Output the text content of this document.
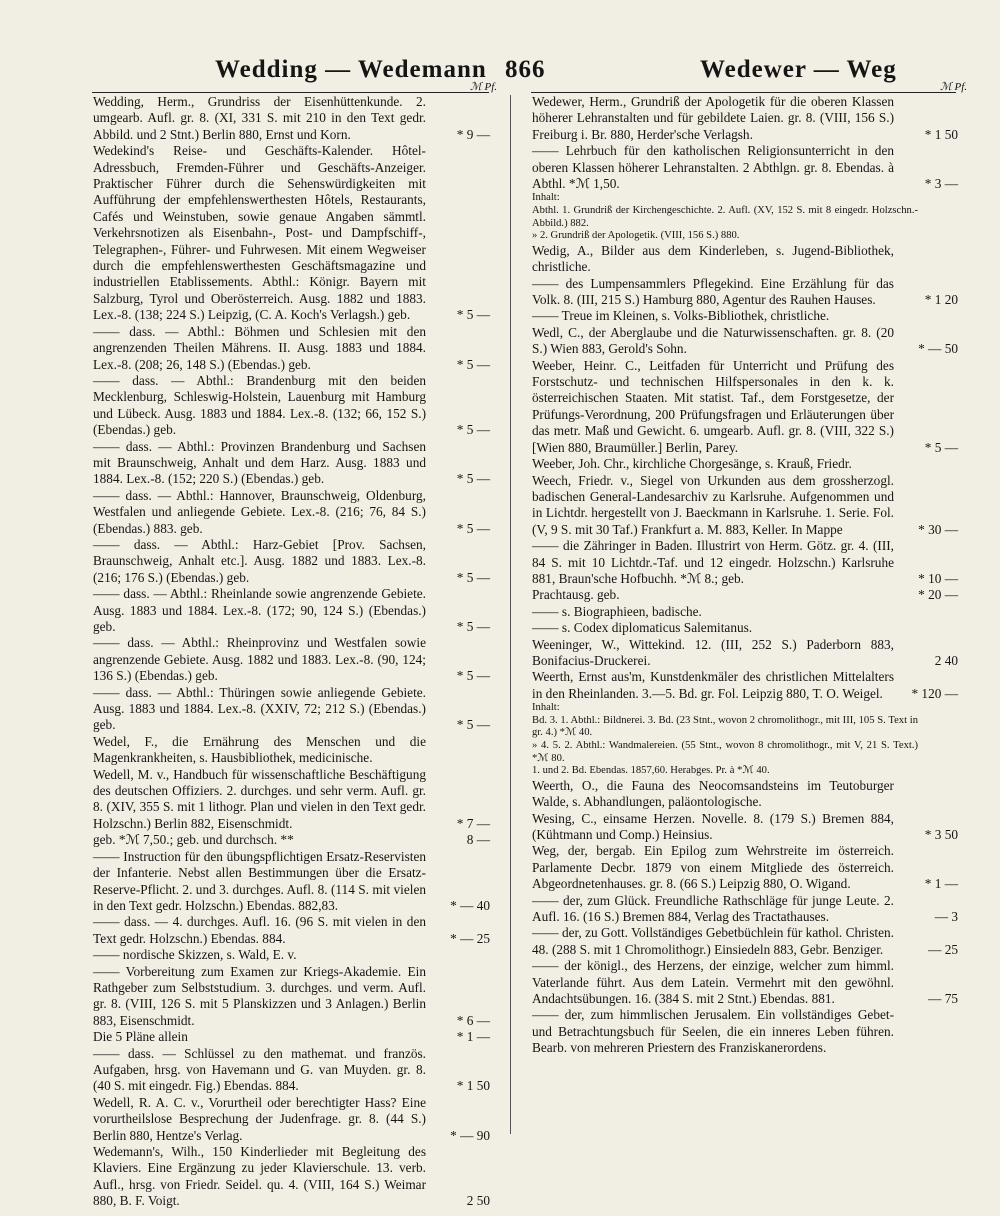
Wedding — Wedemann 866	Wedewer — Weg
ℳ Pf.	ℳ Pf.
Wedding, Herm., Grundriss der Eisenhüttenkunde. 2. umgearb. Aufl. gr. 8. (XI, 331 S. mit 210 in den Text gedr. Abbild. und 2 Stnt.) Berlin 880, Ernst und Korn.	* 9 —
Wedekind's Reise- und Geschäfts-Kalender. Hôtel-Adressbuch, Fremden-Führer und Geschäfts-Anzeiger. Praktischer Führer durch die Sehenswürdigkeiten mit Aufführung der empfehlenswerthesten Hôtels, Restaurants, Cafés und Weinstuben, sowie genaue Angaben sämmtl. Verkehrsnotizen als Eisenbahn-, Post- und Dampfschiff-, Telegraphen-, Führer- und Fuhrwesen. Mit einem Wegweiser durch die empfehlenswerthesten Geschäftsmagazine und industriellen Etablissements. Abthl.: Königr. Bayern mit Salzburg, Tyrol und Oberösterreich. Ausg. 1882 und 1883. Lex.-8. (138; 224 S.) Leipzig, (C. A. Koch's Verlagsh.) geb.	* 5 —
—— dass. — Abthl.: Böhmen und Schlesien mit den angrenzenden Theilen Mährens. II. Ausg. 1883 und 1884. Lex.-8. (208; 26, 148 S.) (Ebendas.) geb.	* 5 —
—— dass. — Abthl.: Brandenburg mit den beiden Mecklenburg, Schleswig-Holstein, Lauenburg mit Hamburg und Lübeck. Ausg. 1883 und 1884. Lex.-8. (132; 66, 152 S.) (Ebendas.) geb.	* 5 —
—— dass. — Abthl.: Provinzen Brandenburg und Sachsen mit Braunschweig, Anhalt und dem Harz. Ausg. 1883 und 1884. Lex.-8. (152; 220 S.) (Ebendas.) geb.	* 5 —
—— dass. — Abthl.: Hannover, Braunschweig, Oldenburg, Westfalen und anliegende Gebiete. Lex.-8. (216; 76, 84 S.) (Ebendas.) 883. geb.	* 5 —
—— dass. — Abthl.: Harz-Gebiet [Prov. Sachsen, Braunschweig, Anhalt etc.]. Ausg. 1882 und 1883. Lex.-8. (216; 176 S.) (Ebendas.) geb.	* 5 —
—— dass. — Abthl.: Rheinlande sowie angrenzende Gebiete. Ausg. 1883 und 1884. Lex.-8. (172; 90, 124 S.) (Ebendas.) geb.	* 5 —
—— dass. — Abthl.: Rheinprovinz und Westfalen sowie angrenzende Gebiete. Ausg. 1882 und 1883. Lex.-8. (90, 124; 136 S.) (Ebendas.) geb.	* 5 —
—— dass. — Abthl.: Thüringen sowie anliegende Gebiete. Ausg. 1883 und 1884. Lex.-8. (XXIV, 72; 212 S.) (Ebendas.) geb.	* 5 —
Wedel, F., die Ernährung des Menschen und die Magenkrankheiten, s. Hausbibliothek, medicinische.
Wedell, M. v., Handbuch für wissenschaftliche Beschäftigung des deutschen Offiziers. 2. durchges. und sehr verm. Aufl. gr. 8. (XIV, 355 S. mit 1 lithogr. Plan und vielen in den Text gedr. Holzschn.) Berlin 882, Eisenschmidt.	* 7 —
geb. *ℳ 7,50.; geb. und durchsch. **	8 —
—— Instruction für den übungspflichtigen Ersatz-Reservisten der Infanterie. Nebst allen Bestimmungen über die Ersatz-Reserve-Pflicht. 2. und 3. durchges. Aufl. 8. (114 S. mit vielen in den Text gedr. Holzschn.) Ebendas. 882,83.	* — 40
—— dass. — 4. durchges. Aufl. 16. (96 S. mit vielen in den Text gedr. Holzschn.) Ebendas. 884.	* — 25
—— nordische Skizzen, s. Wald, E. v.
—— Vorbereitung zum Examen zur Kriegs-Akademie. Ein Rathgeber zum Selbststudium. 3. durchges. und verm. Aufl. gr. 8. (VIII, 126 S. mit 5 Planskizzen und 3 Anlagen.) Berlin 883, Eisenschmidt.	* 6 —
Die 5 Pläne allein	* 1 —
—— dass. — Schlüssel zu den mathemat. und französ. Aufgaben, hrsg. von Havemann und G. van Muyden. gr. 8. (40 S. mit eingedr. Fig.) Ebendas. 884.	* 1 50
Wedell, R. A. C. v., Vorurtheil oder berechtigter Hass? Eine vorurtheilslose Besprechung der Judenfrage. gr. 8. (44 S.) Berlin 880, Hentze's Verlag.	* — 90
Wedemann's, Wilh., 150 Kinderlieder mit Begleitung des Klaviers. Eine Ergänzung zu jeder Klavierschule. 13. verb. Aufl., hrsg. von Friedr. Seidel. qu. 4. (VIII, 164 S.) Weimar 880, B. F. Voigt.	2 50
Wedewer, Herm., Grundriß der Apologetik für die oberen Klassen höherer Lehranstalten und für gebildete Laien. gr. 8. (VIII, 156 S.) Freiburg i. Br. 880, Herder'sche Verlagsh.	* 1 50
—— Lehrbuch für den katholischen Religionsunterricht in den oberen Klassen höherer Lehranstalten. 2 Abthlgn. gr. 8. Ebendas. à Abthl. *ℳ 1,50.	* 3 —
Inhalt:
Abthl. 1. Grundriß der Kirchengeschichte. 2. Aufl. (XV, 152 S. mit 8 eingedr. Holzschn.-Abbild.) 882.
» 2. Grundriß der Apologetik. (VIII, 156 S.) 880.
Wedig, A., Bilder aus dem Kinderleben, s. Jugend-Bibliothek, christliche.
—— des Lumpensammlers Pflegekind. Eine Erzählung für das Volk. 8. (III, 215 S.) Hamburg 880, Agentur des Rauhen Hauses.	* 1 20
—— Treue im Kleinen, s. Volks-Bibliothek, christliche.
Wedl, C., der Aberglaube und die Naturwissenschaften. gr. 8. (20 S.) Wien 883, Gerold's Sohn.	* — 50
Weeber, Heinr. C., Leitfaden für Unterricht und Prüfung des Forstschutz- und technischen Hilfspersonales in den k. k. österreichischen Staaten. Mit statist. Taf., dem Forstgesetze, der Prüfungs-Verordnung, 200 Prüfungsfragen und Erläuterungen über das metr. Maß und Gewicht. 6. umgearb. Aufl. gr. 8. (VIII, 322 S.) [Wien 880, Braumüller.] Berlin, Parey.	* 5 —
Weeber, Joh. Chr., kirchliche Chorgesänge, s. Krauß, Friedr.
Weech, Friedr. v., Siegel von Urkunden aus dem grossherzogl. badischen General-Landesarchiv zu Karlsruhe. Aufgenommen und in Lichtdr. hergestellt von J. Baeckmann in Karlsruhe. 1. Serie. Fol. (V, 9 S. mit 30 Taf.) Frankfurt a. M. 883, Keller. In Mappe	* 30 —
—— die Zähringer in Baden. Illustrirt von Herm. Götz. gr. 4. (III, 84 S. mit 10 Lichtdr.-Taf. und 12 eingedr. Holzschn.) Karlsruhe 881, Braun'sche Hofbuchh. *ℳ 8.; geb.	* 10 —
Prachtausg. geb.	* 20 —
—— s. Biographieen, badische.
—— s. Codex diplomaticus Salemitanus.
Weeninger, W., Wittekind. 12. (III, 252 S.) Paderborn 883, Bonifacius-Druckerei.	2 40
Weerth, Ernst aus'm, Kunstdenkmäler des christlichen Mittelalters in den Rheinlanden. 3.—5. Bd. gr. Fol. Leipzig 880, T. O. Weigel.	* 120 —
Inhalt:
Bd. 3. 1. Abthl.: Bildnerei. 3. Bd. (23 Stnt., wovon 2 chromolithogr., mit III, 105 S. Text in gr. 4.) *ℳ 40.
» 4. 5. 2. Abthl.: Wandmalereien. (55 Stnt., wovon 8 chromolithogr., mit V, 21 S. Text.) *ℳ 80.
1. und 2. Bd. Ebendas. 1857,60. Herabges. Pr. à *ℳ 40.
Weerth, O., die Fauna des Neocomsandsteins im Teutoburger Walde, s. Abhandlungen, paläontologische.
Wesing, C., einsame Herzen. Novelle. 8. (179 S.) Bremen 884, (Kühtmann und Comp.) Heinsius.	* 3 50
Weg, der, bergab. Ein Epilog zum Wehrstreite im österreich. Parlamente Decbr. 1879 von einem Mitgliede des österreich. Abgeordnetenhauses. gr. 8. (66 S.) Leipzig 880, O. Wigand.	* 1 —
—— der, zum Glück. Freundliche Rathschläge für junge Leute. 2. Aufl. 16. (16 S.) Bremen 884, Verlag des Tractathauses.	— 3
—— der, zu Gott. Vollständiges Gebetbüchlein für kathol. Christen. 48. (288 S. mit 1 Chromolithogr.) Einsiedeln 883, Gebr. Benziger.	— 25
—— der königl., des Herzens, der einzige, welcher zum himml. Vaterlande führt. Aus dem Latein. Vermehrt mit den gewöhnl. Andachtsübungen. 16. (384 S. mit 2 Stnt.) Ebendas. 881.	— 75
—— der, zum himmlischen Jerusalem. Ein vollständiges Gebet- und Betrachtungsbuch für Seelen, die ein inneres Leben führen. Bearb. von mehreren Priestern des Franziskanerordens.
